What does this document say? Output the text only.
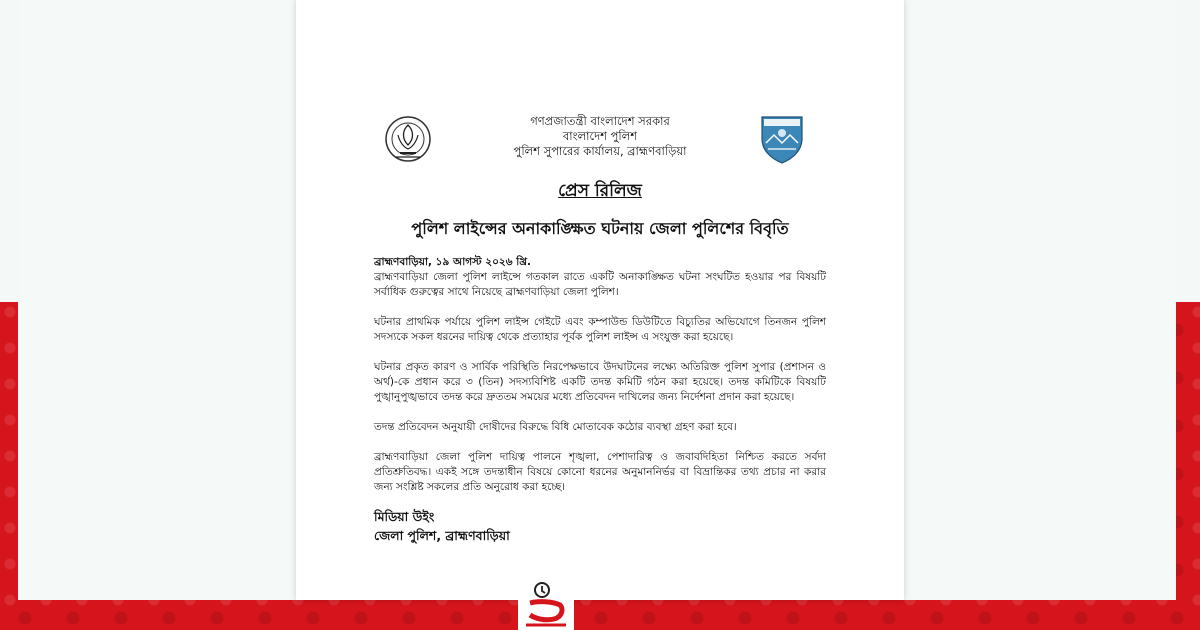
গণপ্রজাতন্ত্রী বাংলাদেশ সরকার
বাংলাদেশ পুলিশ
পুলিশ সুপারের কার্যালয়, ব্রাহ্মণবাড়িয়া
প্রেস রিলিজ
পুলিশ লাইন্সের অনাকাঙ্ক্ষিত ঘটনায় জেলা পুলিশের বিবৃতি

ব্রাহ্মণবাড়িয়া, ১৯ আগস্ট ২০২৬ খ্রি.
ব্রাহ্মণবাড়িয়া জেলা পুলিশ লাইন্সে গতকাল রাতে একটি অনাকাঙ্ক্ষিত ঘটনা সংঘটিত হওয়ার পর বিষয়টি সর্বাধিক গুরুত্বের সাথে নিয়েছে ব্রাহ্মণবাড়িয়া জেলা পুলিশ।

ঘটনার প্রাথমিক পর্যায়ে পুলিশ লাইন্স গেইটে এবং কম্পাউন্ড ডিউটিতে বিচ্যুতির অভিযোগে তিনজন পুলিশ সদস্যকে সকল ধরনের দায়িত্ব থেকে প্রত্যাহার পূর্বক পুলিশ লাইন্স এ সংযুক্ত করা হয়েছে।

ঘটনার প্রকৃত কারণ ও সার্বিক পরিস্থিতি নিরপেক্ষভাবে উদঘাটনের লক্ষ্যে অতিরিক্ত পুলিশ সুপার (প্রশাসন ও অর্থ)-কে প্রধান করে ৩ (তিন) সদস্যবিশিষ্ট একটি তদন্ত কমিটি গঠন করা হয়েছে। তদন্ত কমিটিকে বিষয়টি পুঙ্খানুপুঙ্খভাবে তদন্ত করে দ্রুততম সময়ের মধ্যে প্রতিবেদন দাখিলের জন্য নির্দেশনা প্রদান করা হয়েছে।

তদন্ত প্রতিবেদন অনুযায়ী দোষীদের বিরুদ্ধে বিধি মোতাবেক কঠোর ব্যবস্থা গ্রহণ করা হবে।

ব্রাহ্মণবাড়িয়া জেলা পুলিশ দায়িত্ব পালনে শৃঙ্খলা, পেশাদারিত্ব ও জবাবদিহিতা নিশ্চিত করতে সর্বদা প্রতিশ্রুতিবদ্ধ। একই সঙ্গে তদন্তাধীন বিষয়ে কোনো ধরনের অনুমাননির্ভর বা বিভ্রান্তিকর তথ্য প্রচার না করার জন্য সংশ্লিষ্ট সকলের প্রতি অনুরোধ করা হচ্ছে।

মিডিয়া উইং
জেলা পুলিশ, ব্রাহ্মণবাড়িয়া
